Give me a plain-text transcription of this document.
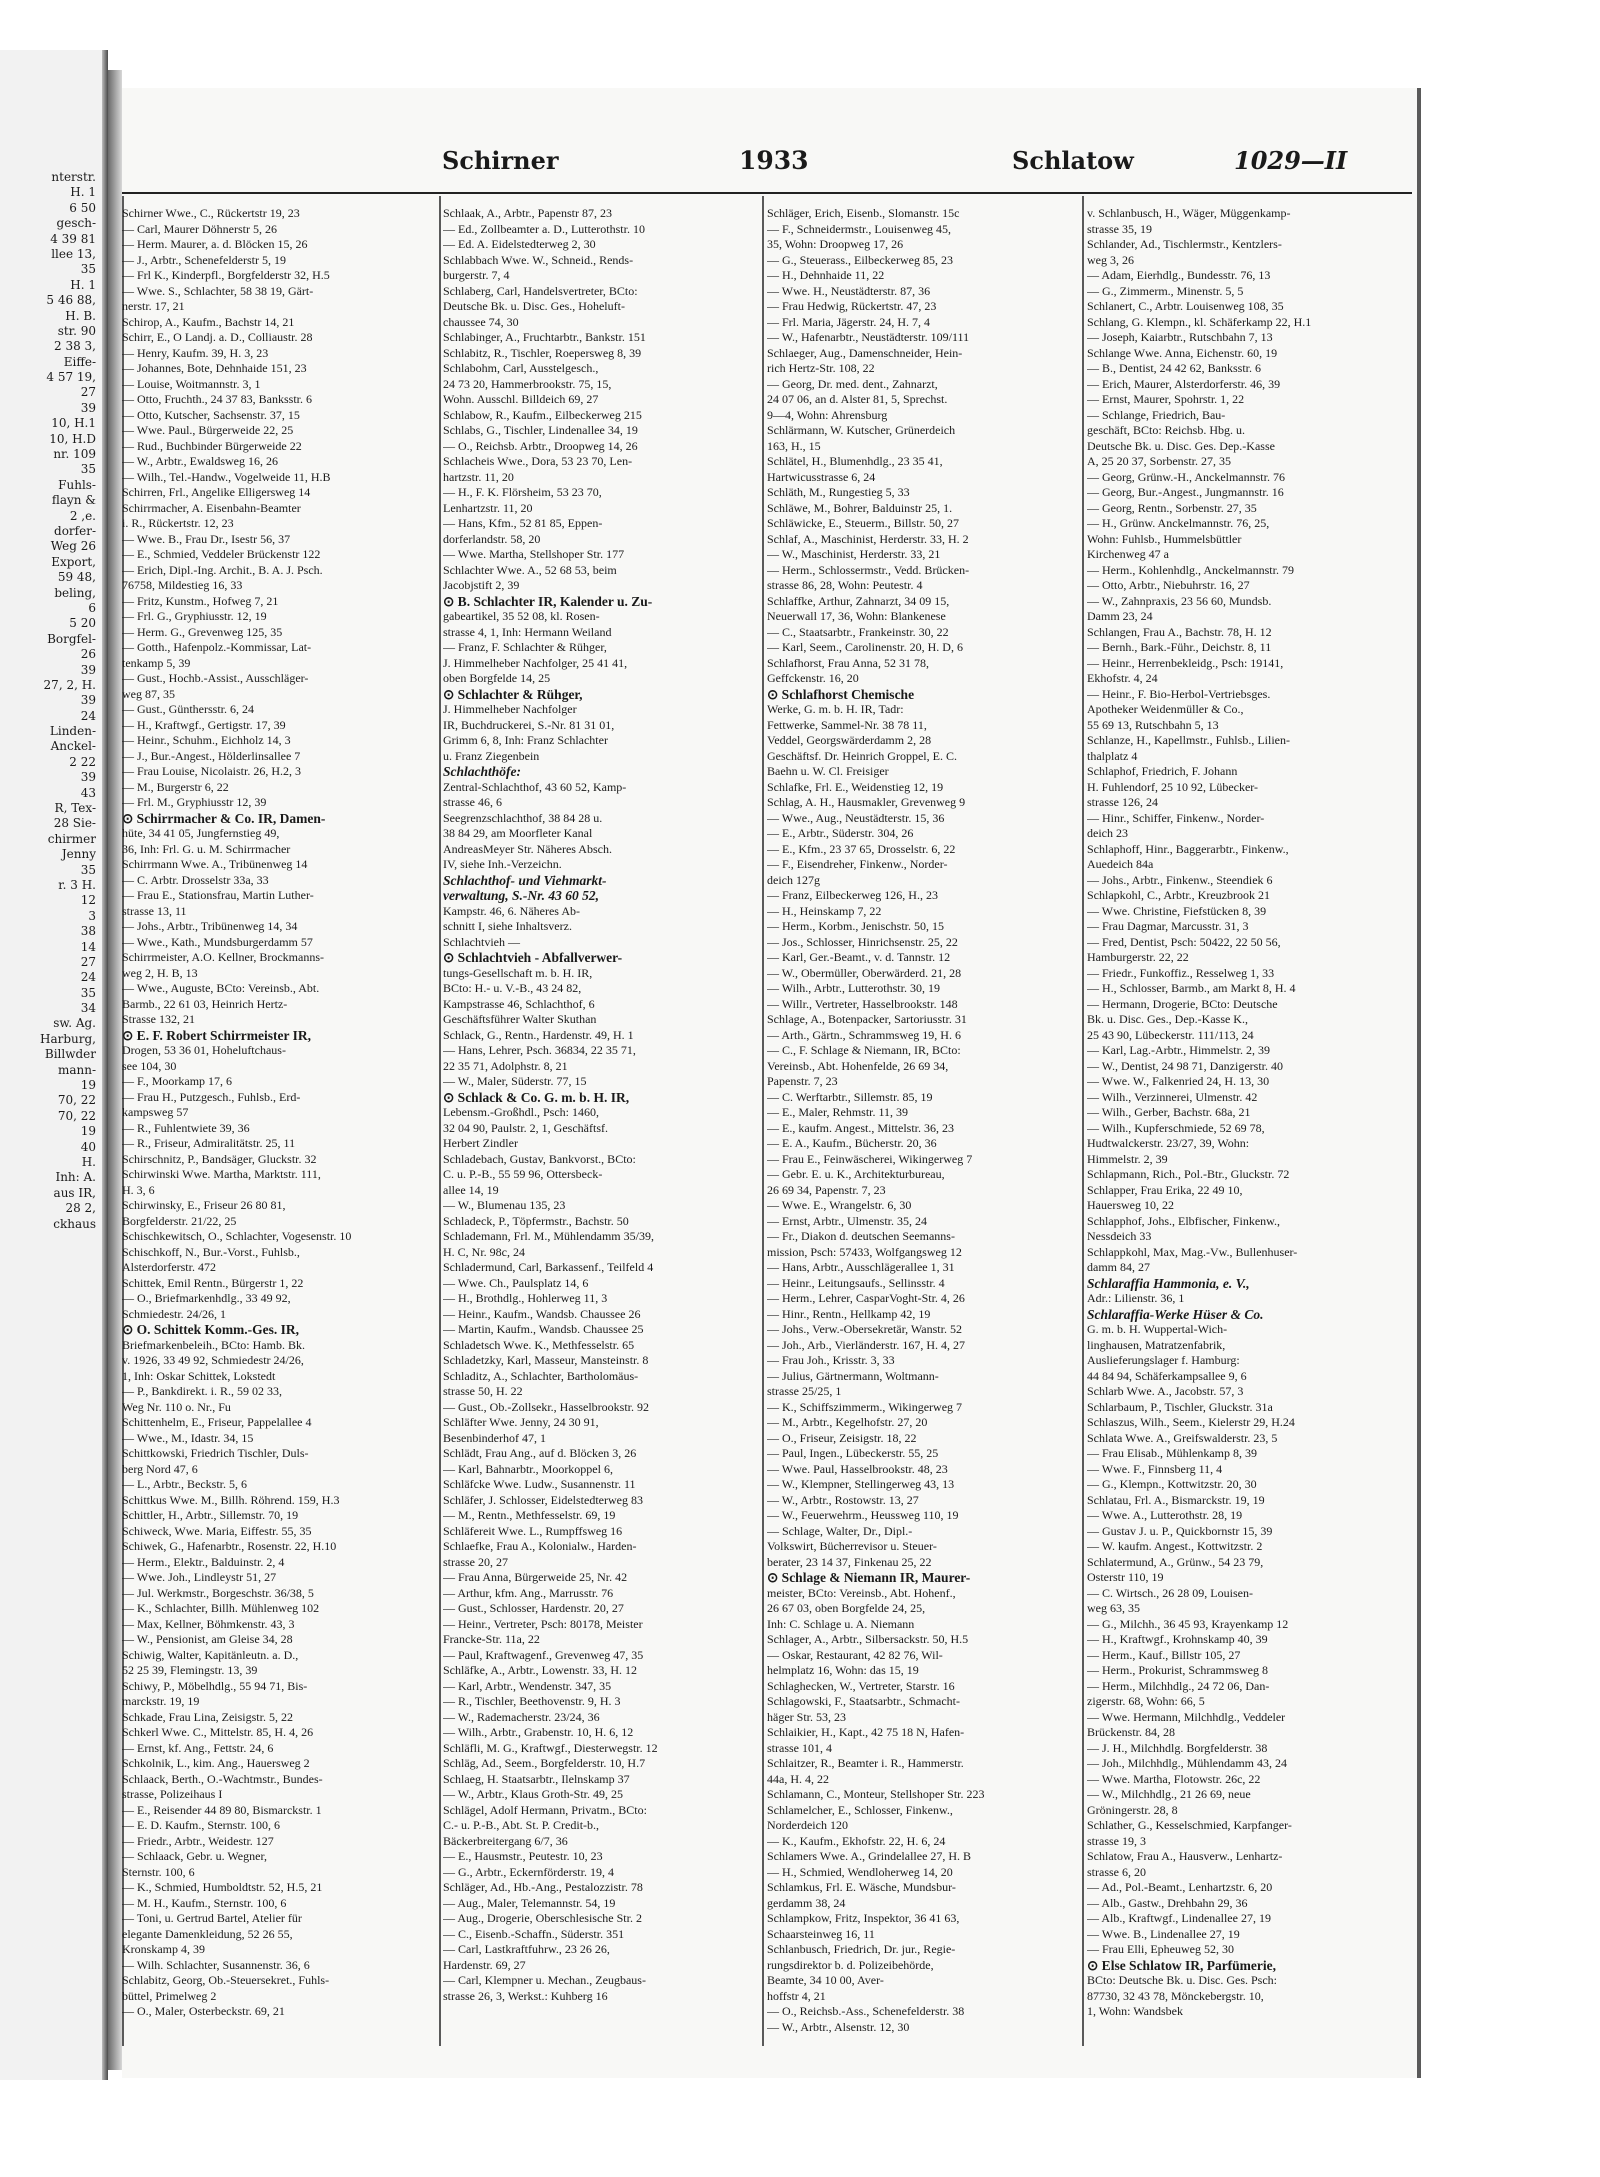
nterstr.
H. 1
6 50
gesch-
4 39 81
llee 13,
35
H. 1
5 46 88,
H. B.
str. 90
2 38 3,
Eiffe-
4 57 19,
27
39
10, H.1
10, H.D
nr. 109
35
Fuhls-
flayn &
2 ,e.
dorfer-
Weg 26
Export,
59 48,
beling,
6
5 20
Borgfel-
26
39
27, 2, H.
39
24
Linden-
Anckel-
2 22
39
43
R, Tex-
28 Sie-
chirmer
Jenny
35
r. 3 H.
12
3
38
14
27
24
35
34
sw. Ag.
Harburg,
Billwder
mann-
19
70, 22
70, 22
19
40
H.
Inh: A.
aus IR,
28 2,
ckhaus
Schirner	1933	Schlatow	1029—II
Schirner Wwe., C., Rückertstr 19, 23
— Carl, Maurer Döhnerstr 5, 26
— Herm. Maurer, a. d. Blöcken 15, 26
— J., Arbtr., Schenefelderstr 5, 19
— Frl K., Kinderpfl., Borgfelderstr 32, H.5
— Wwe. S., Schlachter, 58 38 19, Gärt-
nerstr. 17, 21
Schirop, A., Kaufm., Bachstr 14, 21
Schirr, E., O Landj. a. D., Colliaustr. 28
— Henry, Kaufm. 39, H. 3, 23
— Johannes, Bote, Dehnhaide 151, 23
— Louise, Woitmannstr. 3, 1
— Otto, Fruchth., 24 37 83, Banksstr. 6
— Otto, Kutscher, Sachsenstr. 37, 15
— Wwe. Paul., Bürgerweide 22, 25
— Rud., Buchbinder Bürgerweide 22
— W., Arbtr., Ewaldsweg 16, 26
— Wilh., Tel.-Handw., Vogelweide 11, H.B
Schirren, Frl., Angelike Elligersweg 14
Schirrmacher, A. Eisenbahn-Beamter
i. R., Rückertstr. 12, 23
— Wwe. B., Frau Dr., Isestr 56, 37
— E., Schmied, Veddeler Brückenstr 122
— Erich, Dipl.-Ing. Archit., B. A. J. Psch.
76758, Mildestieg 16, 33
— Fritz, Kunstm., Hofweg 7, 21
— Frl. G., Gryphiusstr. 12, 19
— Herm. G., Grevenweg 125, 35
— Gotth., Hafenpolz.-Kommissar, Lat-
tenkamp 5, 39
— Gust., Hochb.-Assist., Ausschläger-
weg 87, 35
— Gust., Günthersstr. 6, 24
— H., Kraftwgf., Gertigstr. 17, 39
— Heinr., Schuhm., Eichholz 14, 3
— J., Bur.-Angest., Hölderlinsallee 7
— Frau Louise, Nicolaistr. 26, H.2, 3
— M., Burgerstr 6, 22
— Frl. M., Gryphiusstr 12, 39
⊙ Schirrmacher & Co. IR, Damen-
hüte, 34 41 05, Jungfernstieg 49,
36, Inh: Frl. G. u. M. Schirrmacher
Schirrmann Wwe. A., Tribünenweg 14
— C. Arbtr. Drosselstr 33a, 33
— Frau E., Stationsfrau, Martin Luther-
strasse 13, 11
— Johs., Arbtr., Tribünenweg 14, 34
— Wwe., Kath., Mundsburgerdamm 57
Schirrmeister, A.O. Kellner, Brockmanns-
weg 2, H. B, 13
— Wwe., Auguste, BCto: Vereinsb., Abt.
Barmb., 22 61 03, Heinrich Hertz-
Strasse 132, 21
⊙ E. F. Robert Schirrmeister IR,
Drogen, 53 36 01, Hoheluftchaus-
see 104, 30
— F., Moorkamp 17, 6
— Frau H., Putzgesch., Fuhlsb., Erd-
kampsweg 57
— R., Fuhlentwiete 39, 36
— R., Friseur, Admiralitätstr. 25, 11
Schirschnitz, P., Bandsäger, Gluckstr. 32
Schirwinski Wwe. Martha, Marktstr. 111,
H. 3, 6
Schirwinsky, E., Friseur 26 80 81,
Borgfelderstr. 21/22, 25
Schischkewitsch, O., Schlachter, Vogesenstr. 10
Schischkoff, N., Bur.-Vorst., Fuhlsb.,
Alsterdorferstr. 472
Schittek, Emil Rentn., Bürgerstr 1, 22
— O., Briefmarkenhdlg., 33 49 92,
Schmiedestr. 24/26, 1
⊙ O. Schittek Komm.-Ges. IR,
Briefmarkenbeleih., BCto: Hamb. Bk.
v. 1926, 33 49 92, Schmiedestr 24/26,
1, Inh: Oskar Schittek, Lokstedt
— P., Bankdirekt. i. R., 59 02 33,
Weg Nr. 110 o. Nr., Fu
Schittenhelm, E., Friseur, Pappelallee 4
— Wwe., M., Idastr. 34, 15
Schittkowski, Friedrich Tischler, Duls-
berg Nord 47, 6
— L., Arbtr., Beckstr. 5, 6
Schittkus Wwe. M., Billh. Röhrend. 159, H.3
Schittler, H., Arbtr., Sillemstr. 70, 19
Schiweck, Wwe. Maria, Eiffestr. 55, 35
Schiwek, G., Hafenarbtr., Rosenstr. 22, H.10
— Herm., Elektr., Balduinstr. 2, 4
— Wwe. Joh., Lindleystr 51, 27
— Jul. Werkmstr., Borgeschstr. 36/38, 5
— K., Schlachter, Billh. Mühlenweg 102
— Max, Kellner, Böhmkenstr. 43, 3
— W., Pensionist, am Gleise 34, 28
Schiwig, Walter, Kapitänleutn. a. D.,
52 25 39, Flemingstr. 13, 39
Schiwy, P., Möbelhdlg., 55 94 71, Bis-
marckstr. 19, 19
Schkade, Frau Lina, Zeisigstr. 5, 22
Schkerl Wwe. C., Mittelstr. 85, H. 4, 26
— Ernst, kf. Ang., Fettstr. 24, 6
Schkolnik, L., kim. Ang., Hauersweg 2
Schlaack, Berth., O.-Wachtmstr., Bundes-
strasse, Polizeihaus I
— E., Reisender 44 89 80, Bismarckstr. 1
— E. D. Kaufm., Sternstr. 100, 6
— Friedr., Arbtr., Weidestr. 127
— Schlaack, Gebr. u. Wegner,
Sternstr. 100, 6
— K., Schmied, Humboldtstr. 52, H.5, 21
— M. H., Kaufm., Sternstr. 100, 6
— Toni, u. Gertrud Bartel, Atelier für
elegante Damenkleidung, 52 26 55,
Kronskamp 4, 39
— Wilh. Schlachter, Susannenstr. 36, 6
Schlabitz, Georg, Ob.-Steuersekret., Fuhls-
büttel, Primelweg 2
— O., Maler, Osterbeckstr. 69, 21
Schlaak, A., Arbtr., Papenstr 87, 23
— Ed., Zollbeamter a. D., Lutterothstr. 10
— Ed. A. Eidelstedterweg 2, 30
Schlabbach Wwe. W., Schneid., Rends-
burgerstr. 7, 4
Schlaberg, Carl, Handelsvertreter, BCto:
Deutsche Bk. u. Disc. Ges., Hoheluft-
chaussee 74, 30
Schlabinger, A., Fruchtarbtr., Bankstr. 151
Schlabitz, R., Tischler, Roepersweg 8, 39
Schlabohm, Carl, Ausstelgesch.,
24 73 20, Hammerbrookstr. 75, 15,
Wohn. Ausschl. Billdeich 69, 27
Schlabow, R., Kaufm., Eilbeckerweg 215
Schlabs, G., Tischler, Lindenallee 34, 19
— O., Reichsb. Arbtr., Droopweg 14, 26
Schlacheis Wwe., Dora, 53 23 70, Len-
hartzstr. 11, 20
— H., F. K. Flörsheim, 53 23 70,
Lenhartzstr. 11, 20
— Hans, Kfm., 52 81 85, Eppen-
dorferlandstr. 58, 20
— Wwe. Martha, Stellshoper Str. 177
Schlachter Wwe. A., 52 68 53, beim
Jacobjstift 2, 39
⊙ B. Schlachter IR, Kalender u. Zu-
gabeartikel, 35 52 08, kl. Rosen-
strasse 4, 1, Inh: Hermann Weiland
— Franz, F. Schlachter & Rühger,
J. Himmelheber Nachfolger, 25 41 41,
oben Borgfelde 14, 25
⊙ Schlachter & Rühger,
J. Himmelheber Nachfolger
IR, Buchdruckerei, S.-Nr. 81 31 01,
Grimm 6, 8, Inh: Franz Schlachter
u. Franz Ziegenbein
Schlachthöfe:
Zentral-Schlachthof, 43 60 52, Kamp-
strasse 46, 6
Seegrenzschlachthof, 38 84 28 u.
38 84 29, am Moorfleter Kanal
AndreasMeyer Str. Näheres Absch.
IV, siehe Inh.-Verzeichn.
Schlachthof- und Viehmarkt-
verwaltung, S.-Nr. 43 60 52,
Kampstr. 46, 6. Näheres Ab-
schnitt I, siehe Inhaltsverz.
Schlachtvieh —
⊙ Schlachtvieh - Abfallverwer-
tungs-Gesellschaft m. b. H. IR,
BCto: H.- u. V.-B., 43 24 82,
Kampstrasse 46, Schlachthof, 6
Geschäftsführer Walter Skuthan
Schlack, G., Rentn., Hardenstr. 49, H. 1
— Hans, Lehrer, Psch. 36834, 22 35 71,
22 35 71, Adolphstr. 8, 21
— W., Maler, Süderstr. 77, 15
⊙ Schlack & Co. G. m. b. H. IR,
Lebensm.-Großhdl., Psch: 1460,
32 04 90, Paulstr. 2, 1, Geschäftsf.
Herbert Zindler
Schladebach, Gustav, Bankvorst., BCto:
C. u. P.-B., 55 59 96, Ottersbeck-
allee 14, 19
— W., Blumenau 135, 23
Schladeck, P., Töpfermstr., Bachstr. 50
Schlademann, Frl. M., Mühlendamm 35/39,
H. C, Nr. 98c, 24
Schladermund, Carl, Barkassenf., Teilfeld 4
— Wwe. Ch., Paulsplatz 14, 6
— H., Brothdlg., Hohlerweg 11, 3
— Heinr., Kaufm., Wandsb. Chaussee 26
— Martin, Kaufm., Wandsb. Chaussee 25
Schladetsch Wwe. K., Methfesselstr. 65
Schladetzky, Karl, Masseur, Mansteinstr. 8
Schladitz, A., Schlachter, Bartholomäus-
strasse 50, H. 22
— Gust., Ob.-Zollsekr., Hasselbrookstr. 92
Schläfter Wwe. Jenny, 24 30 91,
Besenbinderhof 47, 1
Schlädt, Frau Ang., auf d. Blöcken 3, 26
— Karl, Bahnarbtr., Moorkoppel 6,
Schläfcke Wwe. Ludw., Susannenstr. 11
Schläfer, J. Schlosser, Eidelstedterweg 83
— M., Rentn., Methfesselstr. 69, 19
Schläfereit Wwe. L., Rumpffsweg 16
Schlaefke, Frau A., Kolonialw., Harden-
strasse 20, 27
— Frau Anna, Bürgerweide 25, Nr. 42
— Arthur, kfm. Ang., Marrusstr. 76
— Gust., Schlosser, Hardenstr. 20, 27
— Heinr., Vertreter, Psch: 80178, Meister
Francke-Str. 11a, 22
— Paul, Kraftwagenf., Grevenweg 47, 35
Schläfke, A., Arbtr., Lowenstr. 33, H. 12
— Karl, Arbtr., Wendenstr. 347, 35
— R., Tischler, Beethovenstr. 9, H. 3
— W., Rademacherstr. 23/24, 36
— Wilh., Arbtr., Grabenstr. 10, H. 6, 12
Schläfli, M. G., Kraftwgf., Diesterwegstr. 12
Schläg, Ad., Seem., Borgfelderstr. 10, H.7
Schlaeg, H. Staatsarbtr., Ilelnskamp 37
— W., Arbtr., Klaus Groth-Str. 49, 25
Schlägel, Adolf Hermann, Privatm., BCto:
C.- u. P.-B., Abt. St. P. Credit-b.,
Bäckerbreitergang 6/7, 36
— E., Hausmstr., Peutestr. 10, 23
— G., Arbtr., Eckernförderstr. 19, 4
Schläger, Ad., Hb.-Ang., Pestalozzistr. 78
— Aug., Maler, Telemannstr. 54, 19
— Aug., Drogerie, Oberschlesische Str. 2
— C., Eisenb.-Schaffn., Süderstr. 351
— Carl, Lastkraftfuhrw., 23 26 26,
Hardenstr. 69, 27
— Carl, Klempner u. Mechan., Zeugbaus-
strasse 26, 3, Werkst.: Kuhberg 16
Schläger, Erich, Eisenb., Slomanstr. 15c
— F., Schneidermstr., Louisenweg 45,
35, Wohn: Droopweg 17, 26
— G., Steuerass., Eilbeckerweg 85, 23
— H., Dehnhaide 11, 22
— Wwe. H., Neustädterstr. 87, 36
— Frau Hedwig, Rückertstr. 47, 23
— Frl. Maria, Jägerstr. 24, H. 7, 4
— W., Hafenarbtr., Neustädterstr. 109/111
Schlaeger, Aug., Damenschneider, Hein-
rich Hertz-Str. 108, 22
— Georg, Dr. med. dent., Zahnarzt,
24 07 06, an d. Alster 81, 5, Sprechst.
9—4, Wohn: Ahrensburg
Schlärmann, W. Kutscher, Grünerdeich
163, H., 15
Schlätel, H., Blumenhdlg., 23 35 41,
Hartwicusstrasse 6, 24
Schläth, M., Rungestieg 5, 33
Schläwe, M., Bohrer, Balduinstr 25, 1.
Schläwicke, E., Steuerm., Billstr. 50, 27
Schlaf, A., Maschinist, Herderstr. 33, H. 2
— W., Maschinist, Herderstr. 33, 21
— Herm., Schlossermstr., Vedd. Brücken-
strasse 86, 28, Wohn: Peutestr. 4
Schlaffke, Arthur, Zahnarzt, 34 09 15,
Neuerwall 17, 36, Wohn: Blankenese
— C., Staatsarbtr., Frankeinstr. 30, 22
— Karl, Seem., Carolinenstr. 20, H. D, 6
Schlafhorst, Frau Anna, 52 31 78,
Geffckenstr. 16, 20
⊙ Schlafhorst Chemische
Werke, G. m. b. H. IR, Tadr:
Fettwerke, Sammel-Nr. 38 78 11,
Veddel, Georgswärderdamm 2, 28
Geschäftsf. Dr. Heinrich Groppel, E. C.
Baehn u. W. Cl. Freisiger
Schlafke, Frl. E., Weidenstieg 12, 19
Schlag, A. H., Hausmakler, Grevenweg 9
— Wwe., Aug., Neustädterstr. 15, 36
— E., Arbtr., Süderstr. 304, 26
— E., Kfm., 23 37 65, Drosselstr. 6, 22
— F., Eisendreher, Finkenw., Norder-
deich 127g
— Franz, Eilbeckerweg 126, H., 23
— H., Heinskamp 7, 22
— Herm., Korbm., Jenischstr. 50, 15
— Jos., Schlosser, Hinrichsenstr. 25, 22
— Karl, Ger.-Beamt., v. d. Tannstr. 12
— W., Obermüller, Oberwärderd. 21, 28
— Wilh., Arbtr., Lutterothstr. 30, 19
— Willr., Vertreter, Hasselbrookstr. 148
Schlage, A., Botenpacker, Sartoriusstr. 31
— Arth., Gärtn., Schrammsweg 19, H. 6
— C., F. Schlage & Niemann, IR, BCto:
Vereinsb., Abt. Hohenfelde, 26 69 34,
Papenstr. 7, 23
— C. Werftarbtr., Sillemstr. 85, 19
— E., Maler, Rehmstr. 11, 39
— E., kaufm. Angest., Mittelstr. 36, 23
— E. A., Kaufm., Bücherstr. 20, 36
— Frau E., Feinwäscherei, Wikingerweg 7
— Gebr. E. u. K., Architekturbureau,
26 69 34, Papenstr. 7, 23
— Wwe. E., Wrangelstr. 6, 30
— Ernst, Arbtr., Ulmenstr. 35, 24
— Fr., Diakon d. deutschen Seemanns-
mission, Psch: 57433, Wolfgangsweg 12
— Hans, Arbtr., Ausschlägerallee 1, 31
— Heinr., Leitungsaufs., Sellinsstr. 4
— Herm., Lehrer, CasparVoght-Str. 4, 26
— Hinr., Rentn., Hellkamp 42, 19
— Johs., Verw.-Obersekretär, Wanstr. 52
— Joh., Arb., Vierländerstr. 167, H. 4, 27
— Frau Joh., Krisstr. 3, 33
— Julius, Gärtnermann, Woltmann-
strasse 25/25, 1
— K., Schiffszimmerm., Wikingerweg 7
— M., Arbtr., Kegelhofstr. 27, 20
— O., Friseur, Zeisigstr. 18, 22
— Paul, Ingen., Lübeckerstr. 55, 25
— Wwe. Paul, Hasselbrookstr. 48, 23
— W., Klempner, Stellingerweg 43, 13
— W., Arbtr., Rostowstr. 13, 27
— W., Feuerwehrm., Heussweg 110, 19
— Schlage, Walter, Dr., Dipl.-
Volkswirt, Bücherrevisor u. Steuer-
berater, 23 14 37, Finkenau 25, 22
⊙ Schlage & Niemann IR, Maurer-
meister, BCto: Vereinsb., Abt. Hohenf.,
26 67 03, oben Borgfelde 24, 25,
Inh: C. Schlage u. A. Niemann
Schlager, A., Arbtr., Silbersackstr. 50, H.5
— Oskar, Restaurant, 42 82 76, Wil-
helmplatz 16, Wohn: das 15, 19
Schlaghecken, W., Vertreter, Starstr. 16
Schlagowski, F., Staatsarbtr., Schmacht-
häger Str. 53, 23
Schlaikier, H., Kapt., 42 75 18 N, Hafen-
strasse 101, 4
Schlaitzer, R., Beamter i. R., Hammerstr.
44a, H. 4, 22
Schlamann, C., Monteur, Stellshoper Str. 223
Schlamelcher, E., Schlosser, Finkenw.,
Norderdeich 120
— K., Kaufm., Ekhofstr. 22, H. 6, 24
Schlamers Wwe. A., Grindelallee 27, H. B
— H., Schmied, Wendloherweg 14, 20
Schlamkus, Frl. E. Wäsche, Mundsbur-
gerdamm 38, 24
Schlampkow, Fritz, Inspektor, 36 41 63,
Schaarsteinweg 16, 11
Schlanbusch, Friedrich, Dr. jur., Regie-
rungsdirektor b. d. Polizeibehörde,
Beamte, 34 10 00, Aver-
hoffstr 4, 21
— O., Reichsb.-Ass., Schenefelderstr. 38
— W., Arbtr., Alsenstr. 12, 30
v. Schlanbusch, H., Wäger, Müggenkamp-
strasse 35, 19
Schlander, Ad., Tischlermstr., Kentzlers-
weg 3, 26
— Adam, Eierhdlg., Bundesstr. 76, 13
— G., Zimmerm., Minenstr. 5, 5
Schlanert, C., Arbtr. Louisenweg 108, 35
Schlang, G. Klempn., kl. Schäferkamp 22, H.1
— Joseph, Kaiarbtr., Rutschbahn 7, 13
Schlange Wwe. Anna, Eichenstr. 60, 19
— B., Dentist, 24 42 62, Banksstr. 6
— Erich, Maurer, Alsterdorferstr. 46, 39
— Ernst, Maurer, Spohrstr. 1, 22
— Schlange, Friedrich, Bau-
geschäft, BCto: Reichsb. Hbg. u.
Deutsche Bk. u. Disc. Ges. Dep.-Kasse
A, 25 20 37, Sorbenstr. 27, 35
— Georg, Grünw.-H., Anckelmannstr. 76
— Georg, Bur.-Angest., Jungmannstr. 16
— Georg, Rentn., Sorbenstr. 27, 35
— H., Grünw. Anckelmannstr. 76, 25,
Wohn: Fuhlsb., Hummelsbüttler
Kirchenweg 47 a
— Herm., Kohlenhdlg., Anckelmannstr. 79
— Otto, Arbtr., Niebuhrstr. 16, 27
— W., Zahnpraxis, 23 56 60, Mundsb.
Damm 23, 24
Schlangen, Frau A., Bachstr. 78, H. 12
— Bernh., Bark.-Führ., Deichstr. 8, 11
— Heinr., Herrenbekleidg., Psch: 19141,
Ekhofstr. 4, 24
— Heinr., F. Bio-Herbol-Vertriebsges.
Apotheker Weidenmüller & Co.,
55 69 13, Rutschbahn 5, 13
Schlanze, H., Kapellmstr., Fuhlsb., Lilien-
thalplatz 4
Schlaphof, Friedrich, F. Johann
H. Fuhlendorf, 25 10 92, Lübecker-
strasse 126, 24
— Hinr., Schiffer, Finkenw., Norder-
deich 23
Schlaphoff, Hinr., Baggerarbtr., Finkenw.,
Auedeich 84a
— Johs., Arbtr., Finkenw., Steendiek 6
Schlapkohl, C., Arbtr., Kreuzbrook 21
— Wwe. Christine, Fiefstücken 8, 39
— Frau Dagmar, Marcusstr. 31, 3
— Fred, Dentist, Psch: 50422, 22 50 56,
Hamburgerstr. 22, 22
— Friedr., Funkoffiz., Resselweg 1, 33
— H., Schlosser, Barmb., am Markt 8, H. 4
— Hermann, Drogerie, BCto: Deutsche
Bk. u. Disc. Ges., Dep.-Kasse K.,
25 43 90, Lübeckerstr. 111/113, 24
— Karl, Lag.-Arbtr., Himmelstr. 2, 39
— W., Dentist, 24 98 71, Danzigerstr. 40
— Wwe. W., Falkenried 24, H. 13, 30
— Wilh., Verzinnerei, Ulmenstr. 42
— Wilh., Gerber, Bachstr. 68a, 21
— Wilh., Kupferschmiede, 52 69 78,
Hudtwalckerstr. 23/27, 39, Wohn:
Himmelstr. 2, 39
Schlapmann, Rich., Pol.-Btr., Gluckstr. 72
Schlapper, Frau Erika, 22 49 10,
Hauersweg 10, 22
Schlapphof, Johs., Elbfischer, Finkenw.,
Nessdeich 33
Schlappkohl, Max, Mag.-Vw., Bullenhuser-
damm 84, 27
Schlaraffia Hammonia, e. V.,
Adr.: Lilienstr. 36, 1
Schlaraffia-Werke Hüser & Co.
G. m. b. H. Wuppertal-Wich-
linghausen, Matratzenfabrik,
Auslieferungslager f. Hamburg:
44 84 94, Schäferkampsallee 9, 6
Schlarb Wwe. A., Jacobstr. 57, 3
Schlarbaum, P., Tischler, Gluckstr. 31a
Schlaszus, Wilh., Seem., Kielerstr 29, H.24
Schlata Wwe. A., Greifswalderstr. 23, 5
— Frau Elisab., Mühlenkamp 8, 39
— Wwe. F., Finnsberg 11, 4
— G., Klempn., Kottwitzstr. 20, 30
Schlatau, Frl. A., Bismarckstr. 19, 19
— Wwe. A., Lutterothstr. 28, 19
— Gustav J. u. P., Quickbornstr 15, 39
— W. kaufm. Angest., Kottwitzstr. 2
Schlatermund, A., Grünw., 54 23 79,
Osterstr 110, 19
— C. Wirtsch., 26 28 09, Louisen-
weg 63, 35
— G., Milchh., 36 45 93, Krayenkamp 12
— H., Kraftwgf., Krohnskamp 40, 39
— Herm., Kauf., Billstr 105, 27
— Herm., Prokurist, Schrammsweg 8
— Herm., Milchhdlg., 24 72 06, Dan-
zigerstr. 68, Wohn: 66, 5
— Wwe. Hermann, Milchhdlg., Veddeler
Brückenstr. 84, 28
— J. H., Milchhdlg. Borgfelderstr. 38
— Joh., Milchhdlg., Mühlendamm 43, 24
— Wwe. Martha, Flotowstr. 26c, 22
— W., Milchhdlg., 21 26 69, neue
Gröningerstr. 28, 8
Schlather, G., Kesselschmied, Karpfanger-
strasse 19, 3
Schlatow, Frau A., Hausverw., Lenhartz-
strasse 6, 20
— Ad., Pol.-Beamt., Lenhartzstr. 6, 20
— Alb., Gastw., Drehbahn 29, 36
— Alb., Kraftwgf., Lindenallee 27, 19
— Wwe. B., Lindenallee 27, 19
— Frau Elli, Epheuweg 52, 30
⊙ Else Schlatow IR, Parfümerie,
BCto: Deutsche Bk. u. Disc. Ges. Psch:
87730, 32 43 78, Mönckebergstr. 10,
1, Wohn: Wandsbek
